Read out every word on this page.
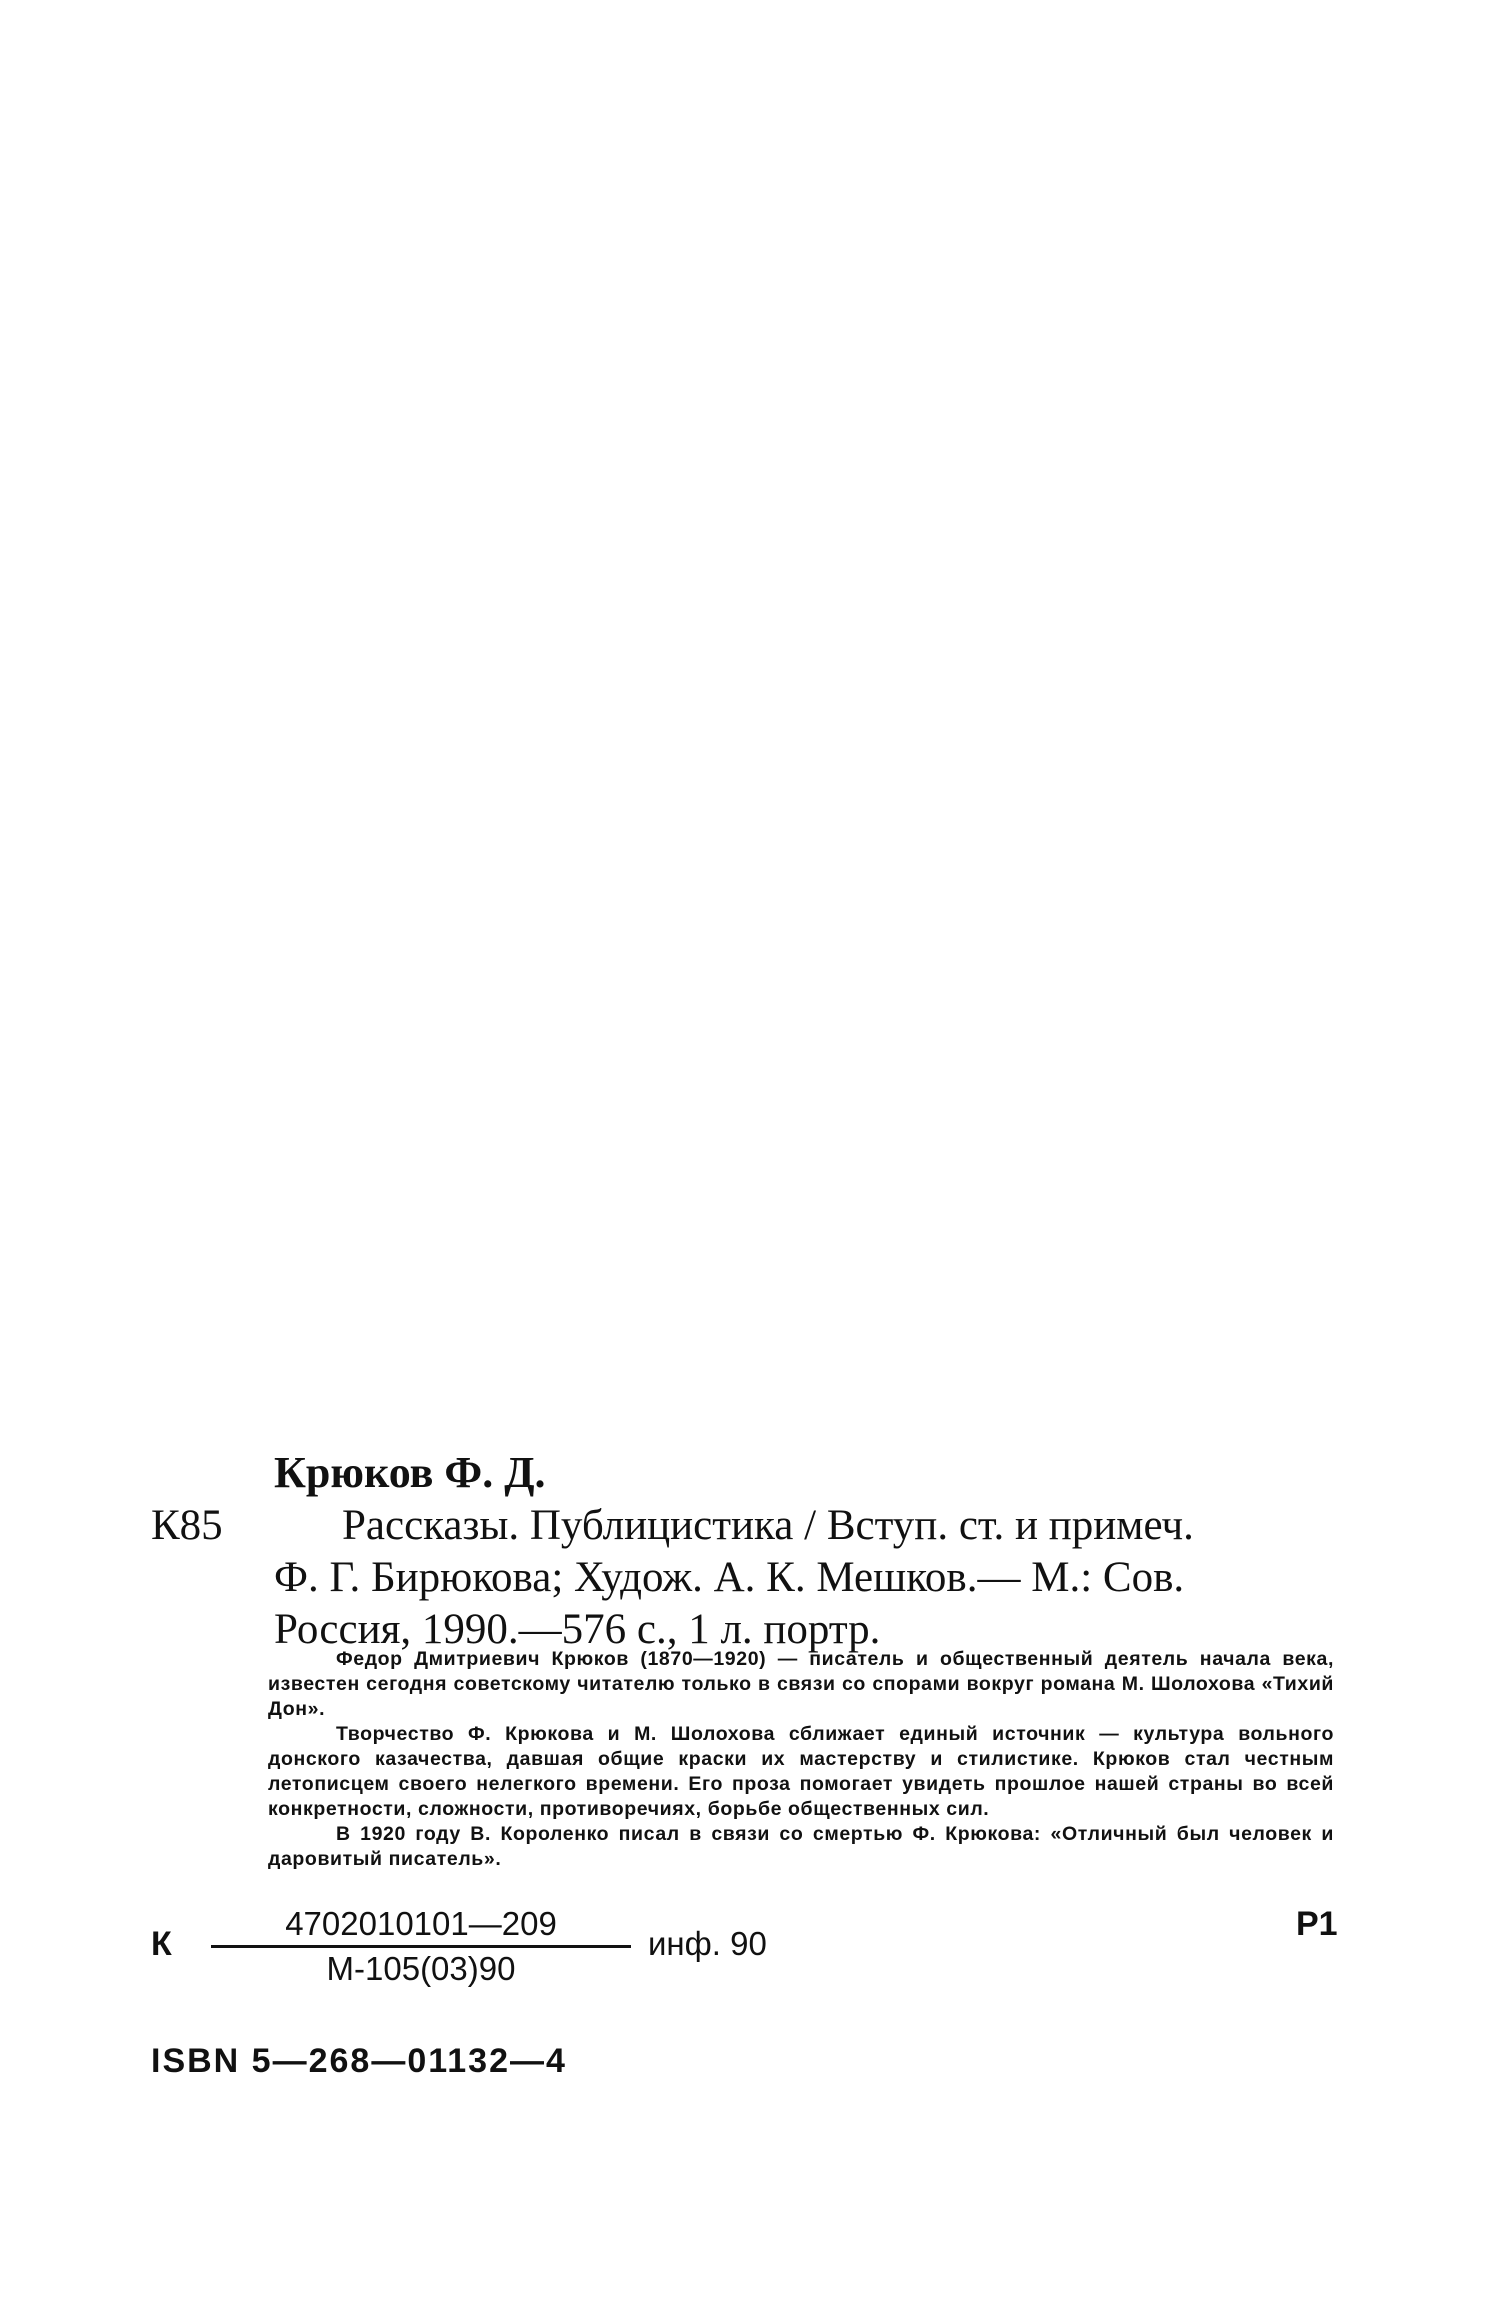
Крюков Ф. Д.
К85	Рассказы. Публицистика / Вступ. ст. и примеч.
Ф. Г. Бирюкова; Худож. А. К. Мешков.— М.: Сов.
Россия, 1990.—576 с., 1 л. портр.

Федор Дмитриевич Крюков (1870—1920) — писатель и общественный деятель начала века, известен сегодня советскому читателю только в связи со спорами вокруг романа М. Шолохова «Тихий Дон».

Творчество Ф. Крюкова и М. Шолохова сближает единый источник — культура вольного донского казачества, давшая общие краски их мастерству и стилистике. Крюков стал честным летописцем своего нелегкого времени. Его проза помогает увидеть прошлое нашей страны во всей конкретности, сложности, противоречиях, борьбе общественных сил.

В 1920 году В. Короленко писал в связи со смертью Ф. Крюкова: «Отличный был человек и даровитый писатель».

К
4702010101—209
М-105(03)90
инф. 90
Р1
ISBN 5—268—01132—4
